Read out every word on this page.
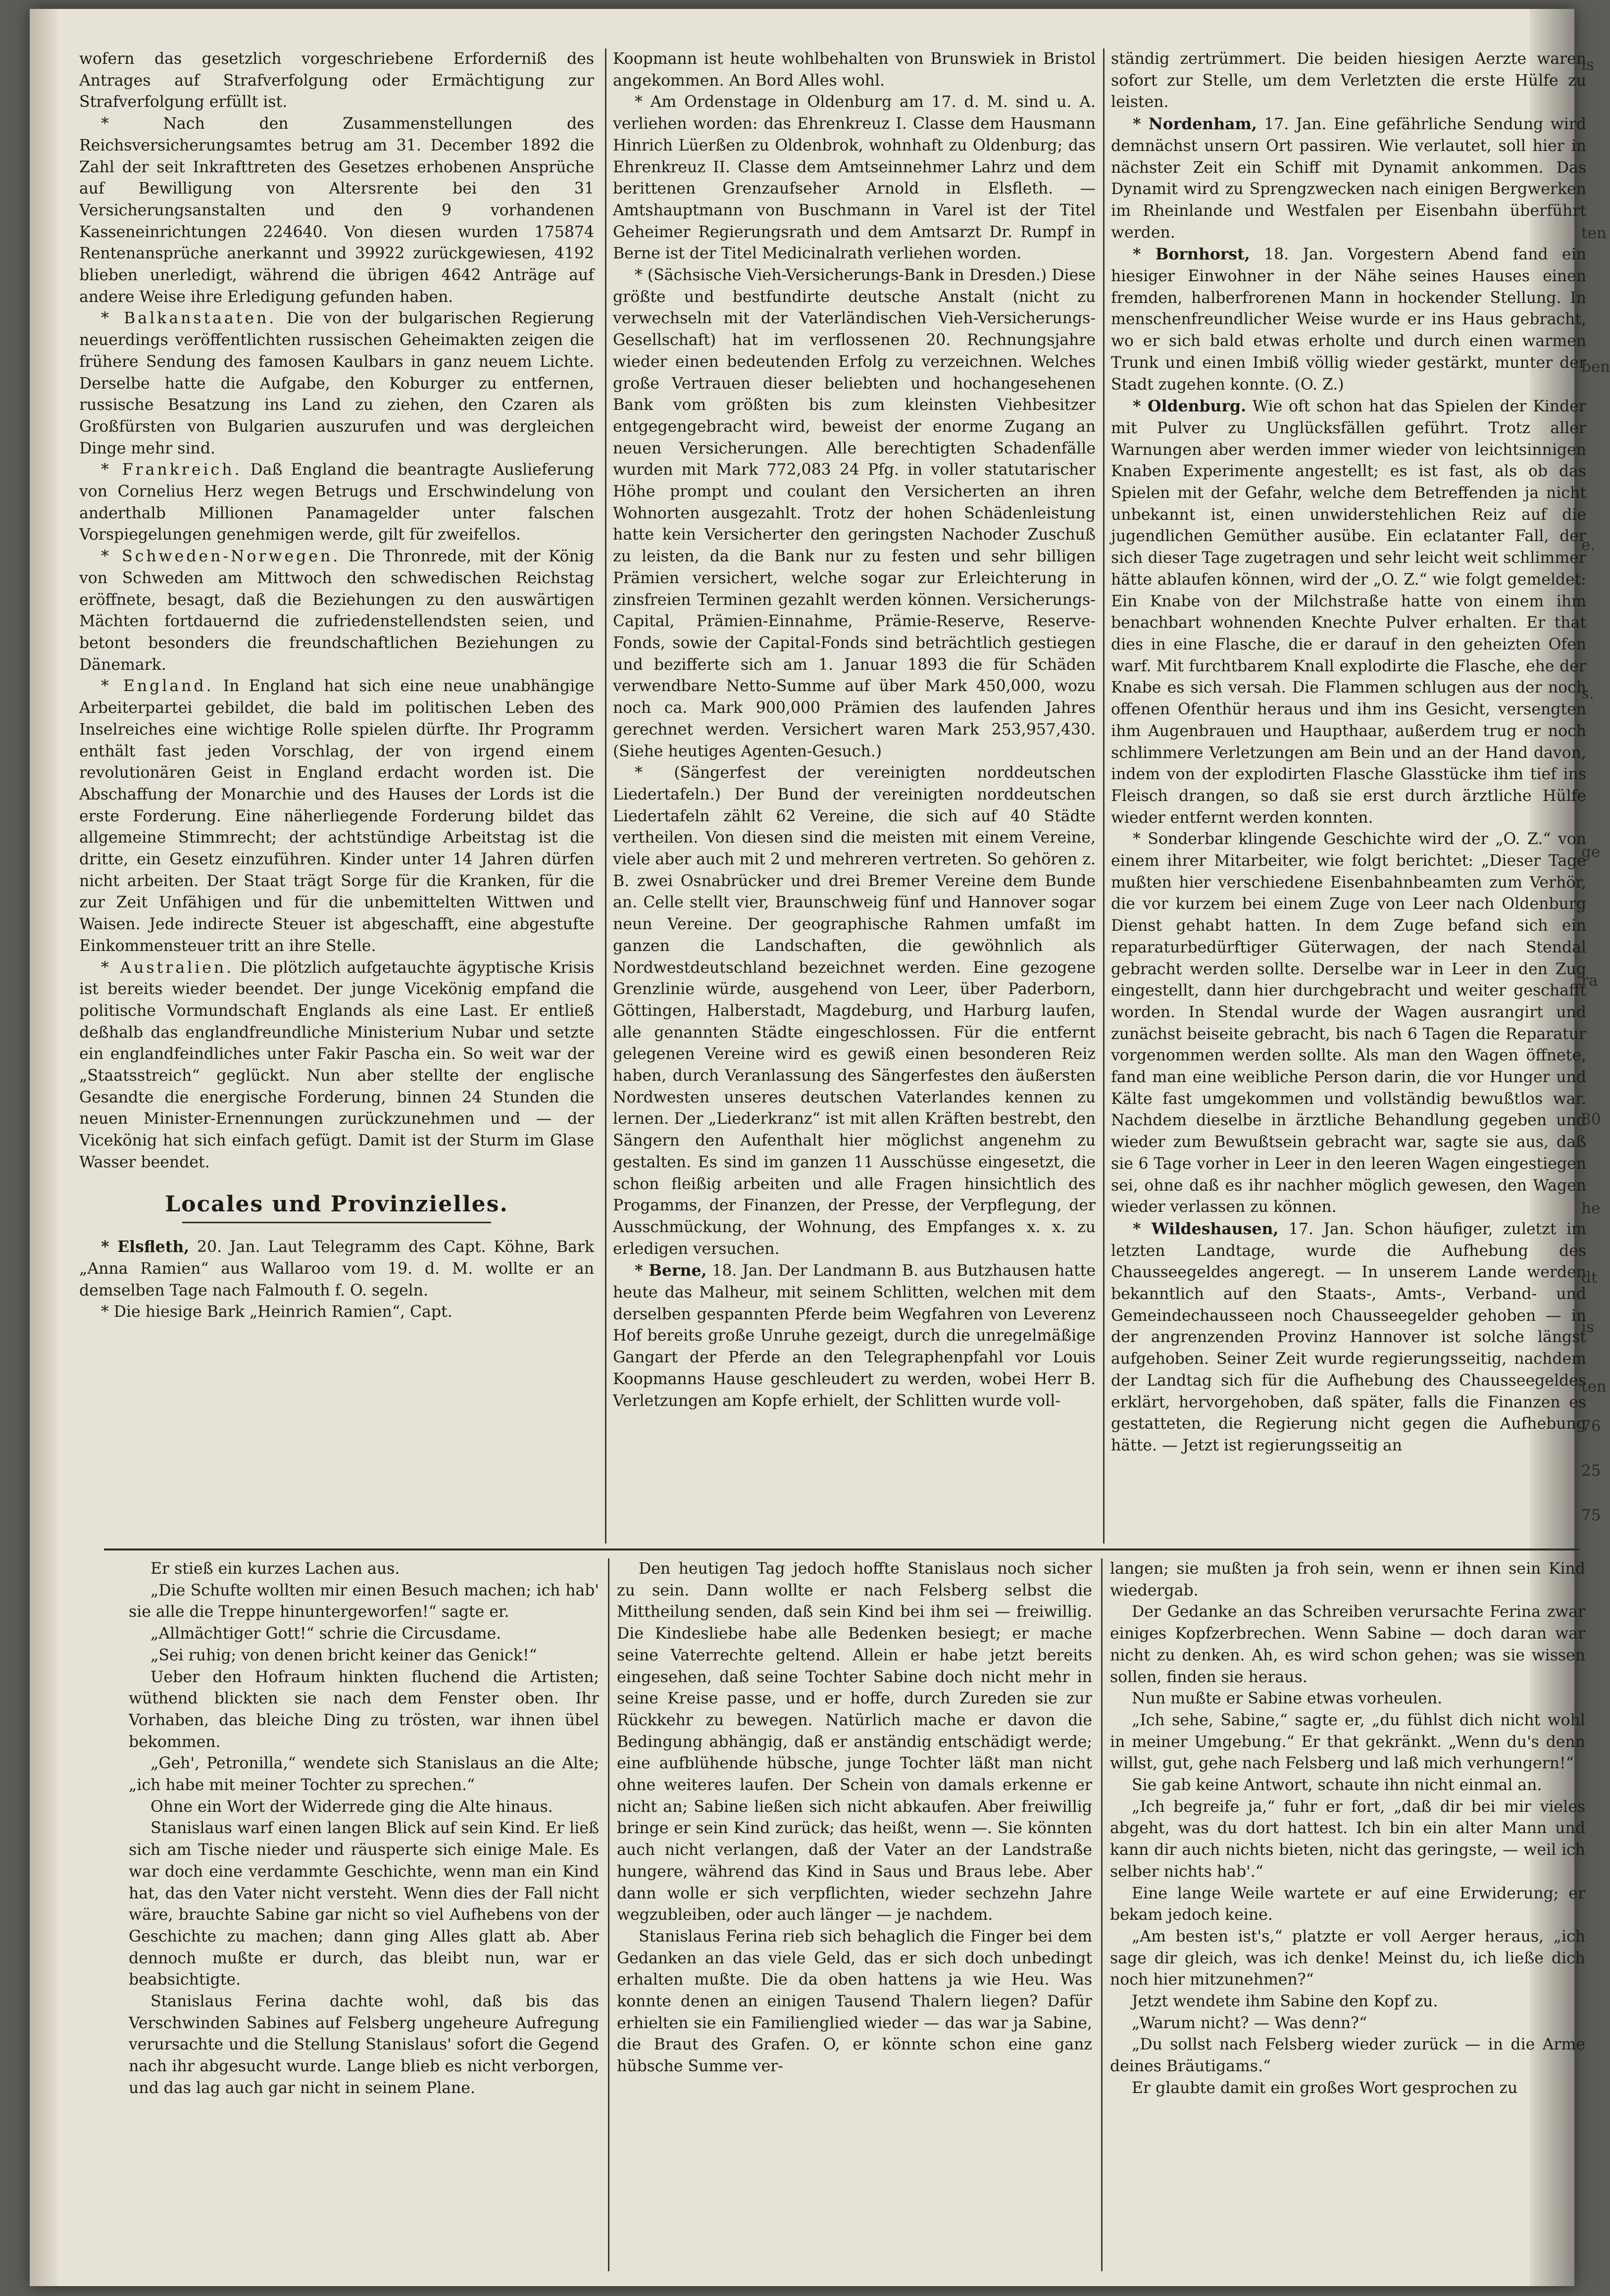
wofern das gesetzlich vorgeschriebene Erforderniß des Antrages auf Strafverfolgung oder Ermächtigung zur Strafverfolgung erfüllt ist.

* Nach den Zusammenstellungen des Reichsversicherungsamtes betrug am 31. December 1892 die Zahl der seit Inkrafttreten des Gesetzes erhobenen Ansprüche auf Bewilligung von Altersrente bei den 31 Versicherungsanstalten und den 9 vorhandenen Kasseneinrichtungen 224640. Von diesen wurden 175874 Rentenansprüche anerkannt und 39922 zurückgewiesen, 4192 blieben unerledigt, während die übrigen 4642 Anträge auf andere Weise ihre Erledigung gefunden haben.

* Balkanstaaten. Die von der bulgarischen Regierung neuerdings veröffentlichten russischen Geheimakten zeigen die frühere Sendung des famosen Kaulbars in ganz neuem Lichte. Derselbe hatte die Aufgabe, den Koburger zu entfernen, russische Besatzung ins Land zu ziehen, den Czaren als Großfürsten von Bulgarien auszurufen und was dergleichen Dinge mehr sind.

* Frankreich. Daß England die beantragte Auslieferung von Cornelius Herz wegen Betrugs und Erschwindelung von anderthalb Millionen Panamagelder unter falschen Vorspiegelungen genehmigen werde, gilt für zweifellos.

* Schweden-Norwegen. Die Thronrede, mit der König von Schweden am Mittwoch den schwedischen Reichstag eröffnete, besagt, daß die Beziehungen zu den auswärtigen Mächten fortdauernd die zufriedenstellendsten seien, und betont besonders die freundschaftlichen Beziehungen zu Dänemark.

* England. In England hat sich eine neue unabhängige Arbeiterpartei gebildet, die bald im politischen Leben des Inselreiches eine wichtige Rolle spielen dürfte. Ihr Programm enthält fast jeden Vorschlag, der von irgend einem revolutionären Geist in England erdacht worden ist. Die Abschaffung der Monarchie und des Hauses der Lords ist die erste Forderung. Eine näherliegende Forderung bildet das allgemeine Stimmrecht; der achtstündige Arbeitstag ist die dritte, ein Gesetz einzuführen. Kinder unter 14 Jahren dürfen nicht arbeiten. Der Staat trägt Sorge für die Kranken, für die zur Zeit Unfähigen und für die unbemittelten Wittwen und Waisen. Jede indirecte Steuer ist abgeschafft, eine abgestufte Einkommensteuer tritt an ihre Stelle.

* Australien. Die plötzlich aufgetauchte ägyptische Krisis ist bereits wieder beendet. Der junge Vicekönig empfand die politische Vormundschaft Englands als eine Last. Er entließ deßhalb das englandfreundliche Ministerium Nubar und setzte ein englandfeindliches unter Fakir Pascha ein. So weit war der „Staatsstreich“ geglückt. Nun aber stellte der englische Gesandte die energische Forderung, binnen 24 Stunden die neuen Minister-Ernennungen zurückzunehmen und — der Vicekönig hat sich einfach gefügt. Damit ist der Sturm im Glase Wasser beendet.

Locales und Provinzielles.

* Elsfleth, 20. Jan. Laut Telegramm des Capt. Köhne, Bark „Anna Ramien“ aus Wallaroo vom 19. d. M. wollte er an demselben Tage nach Falmouth f. O. segeln.

* Die hiesige Bark „Heinrich Ramien“, Capt.

Koopmann ist heute wohlbehalten von Brunswiek in Bristol angekommen. An Bord Alles wohl.

* Am Ordenstage in Oldenburg am 17. d. M. sind u. A. verliehen worden: das Ehrenkreuz I. Classe dem Hausmann Hinrich Lüerßen zu Oldenbrok, wohnhaft zu Oldenburg; das Ehrenkreuz II. Classe dem Amtseinnehmer Lahrz und dem berittenen Grenzaufseher Arnold in Elsfleth. — Amtshauptmann von Buschmann in Varel ist der Titel Geheimer Regierungsrath und dem Amtsarzt Dr. Rumpf in Berne ist der Titel Medicinalrath verliehen worden.

* (Sächsische Vieh-Versicherungs-Bank in Dresden.) Diese größte und bestfundirte deutsche Anstalt (nicht zu verwechseln mit der Vaterländischen Vieh-Versicherungs-Gesellschaft) hat im verflossenen 20. Rechnungsjahre wieder einen bedeutenden Erfolg zu verzeichnen. Welches große Vertrauen dieser beliebten und hochangesehenen Bank vom größten bis zum kleinsten Viehbesitzer entgegengebracht wird, beweist der enorme Zugang an neuen Versicherungen. Alle berechtigten Schadenfälle wurden mit Mark 772,083 24 Pfg. in voller statutarischer Höhe prompt und coulant den Versicherten an ihren Wohnorten ausgezahlt. Trotz der hohen Schädenleistung hatte kein Versicherter den geringsten Nachoder Zuschuß zu leisten, da die Bank nur zu festen und sehr billigen Prämien versichert, welche sogar zur Erleichterung in zinsfreien Terminen gezahlt werden können. Versicherungs-Capital, Prämien-Einnahme, Prämie-Reserve, Reserve-Fonds, sowie der Capital-Fonds sind beträchtlich gestiegen und bezifferte sich am 1. Januar 1893 die für Schäden verwendbare Netto-Summe auf über Mark 450,000, wozu noch ca. Mark 900,000 Prämien des laufenden Jahres gerechnet werden. Versichert waren Mark 253,957,430. (Siehe heutiges Agenten-Gesuch.)

* (Sängerfest der vereinigten norddeutschen Liedertafeln.) Der Bund der vereinigten norddeutschen Liedertafeln zählt 62 Vereine, die sich auf 40 Städte vertheilen. Von diesen sind die meisten mit einem Vereine, viele aber auch mit 2 und mehreren vertreten. So gehören z. B. zwei Osnabrücker und drei Bremer Vereine dem Bunde an. Celle stellt vier, Braunschweig fünf und Hannover sogar neun Vereine. Der geographische Rahmen umfaßt im ganzen die Landschaften, die gewöhnlich als Nordwestdeutschland bezeichnet werden. Eine gezogene Grenzlinie würde, ausgehend von Leer, über Paderborn, Göttingen, Halberstadt, Magdeburg, und Harburg laufen, alle genannten Städte eingeschlossen. Für die entfernt gelegenen Vereine wird es gewiß einen besonderen Reiz haben, durch Veranlassung des Sängerfestes den äußersten Nordwesten unseres deutschen Vaterlandes kennen zu lernen. Der „Liederkranz“ ist mit allen Kräften bestrebt, den Sängern den Aufenthalt hier möglichst angenehm zu gestalten. Es sind im ganzen 11 Ausschüsse eingesetzt, die schon fleißig arbeiten und alle Fragen hinsichtlich des Progamms, der Finanzen, der Presse, der Verpflegung, der Ausschmückung, der Wohnung, des Empfanges x. x. zu erledigen versuchen.

* Berne, 18. Jan. Der Landmann B. aus Butzhausen hatte heute das Malheur, mit seinem Schlitten, welchen mit dem derselben gespannten Pferde beim Wegfahren von Leverenz Hof bereits große Unruhe gezeigt, durch die unregelmäßige Gangart der Pferde an den Telegraphenpfahl vor Louis Koopmanns Hause geschleudert zu werden, wobei Herr B. Verletzungen am Kopfe erhielt, der Schlitten wurde voll-

ständig zertrümmert. Die beiden hiesigen Aerzte waren sofort zur Stelle, um dem Verletzten die erste Hülfe zu leisten.

* Nordenham, 17. Jan. Eine gefährliche Sendung wird demnächst unsern Ort passiren. Wie verlautet, soll hier in nächster Zeit ein Schiff mit Dynamit ankommen. Das Dynamit wird zu Sprengzwecken nach einigen Bergwerken im Rheinlande und Westfalen per Eisenbahn überführt werden.

* Bornhorst, 18. Jan. Vorgestern Abend fand ein hiesiger Einwohner in der Nähe seines Hauses einen fremden, halberfrorenen Mann in hockender Stellung. In menschenfreundlicher Weise wurde er ins Haus gebracht, wo er sich bald etwas erholte und durch einen warmen Trunk und einen Imbiß völlig wieder gestärkt, munter der Stadt zugehen konnte. (O. Z.)

* Oldenburg. Wie oft schon hat das Spielen der Kinder mit Pulver zu Unglücksfällen geführt. Trotz aller Warnungen aber werden immer wieder von leichtsinnigen Knaben Experimente angestellt; es ist fast, als ob das Spielen mit der Gefahr, welche dem Betreffenden ja nicht unbekannt ist, einen unwiderstehlichen Reiz auf die jugendlichen Gemüther ausübe. Ein eclatanter Fall, der sich dieser Tage zugetragen und sehr leicht weit schlimmer hätte ablaufen können, wird der „O. Z.“ wie folgt gemeldet: Ein Knabe von der Milchstraße hatte von einem ihm benachbart wohnenden Knechte Pulver erhalten. Er that dies in eine Flasche, die er darauf in den geheizten Ofen warf. Mit furchtbarem Knall explodirte die Flasche, ehe der Knabe es sich versah. Die Flammen schlugen aus der noch offenen Ofenthür heraus und ihm ins Gesicht, versengten ihm Augenbrauen und Haupthaar, außerdem trug er noch schlimmere Verletzungen am Bein und an der Hand davon, indem von der explodirten Flasche Glasstücke ihm tief ins Fleisch drangen, so daß sie erst durch ärztliche Hülfe wieder entfernt werden konnten.

* Sonderbar klingende Geschichte wird der „O. Z.“ von einem ihrer Mitarbeiter, wie folgt berichtet: „Dieser Tage mußten hier verschiedene Eisenbahnbeamten zum Verhör, die vor kurzem bei einem Zuge von Leer nach Oldenburg Dienst gehabt hatten. In dem Zuge befand sich ein reparaturbedürftiger Güterwagen, der nach Stendal gebracht werden sollte. Derselbe war in Leer in den Zug eingestellt, dann hier durchgebracht und weiter geschafft worden. In Stendal wurde der Wagen ausrangirt und zunächst beiseite gebracht, bis nach 6 Tagen die Reparatur vorgenommen werden sollte. Als man den Wagen öffnete, fand man eine weibliche Person darin, die vor Hunger und Kälte fast umgekommen und vollständig bewußtlos war. Nachdem dieselbe in ärztliche Behandlung gegeben und wieder zum Bewußtsein gebracht war, sagte sie aus, daß sie 6 Tage vorher in Leer in den leeren Wagen eingestiegen sei, ohne daß es ihr nachher möglich gewesen, den Wagen wieder verlassen zu können.

* Wildeshausen, 17. Jan. Schon häufiger, zuletzt im letzten Landtage, wurde die Aufhebung des Chausseegeldes angeregt. — In unserem Lande werden bekanntlich auf den Staats-, Amts-, Verband- und Gemeindechausseen noch Chausseegelder gehoben — in der angrenzenden Provinz Hannover ist solche längst aufgehoben. Seiner Zeit wurde regierungsseitig, nachdem der Landtag sich für die Aufhebung des Chausseegeldes erklärt, hervorgehoben, daß später, falls die Finanzen es gestatteten, die Regierung nicht gegen die Aufhebung hätte. — Jetzt ist regierungsseitig an

Er stieß ein kurzes Lachen aus.

„Die Schufte wollten mir einen Besuch machen; ich hab' sie alle die Treppe hinuntergeworfen!“ sagte er.

„Allmächtiger Gott!“ schrie die Circusdame.

„Sei ruhig; von denen bricht keiner das Genick!“

Ueber den Hofraum hinkten fluchend die Artisten; wüthend blickten sie nach dem Fenster oben. Ihr Vorhaben, das bleiche Ding zu trösten, war ihnen übel bekommen.

„Geh', Petronilla,“ wendete sich Stanislaus an die Alte; „ich habe mit meiner Tochter zu sprechen.“

Ohne ein Wort der Widerrede ging die Alte hinaus.

Stanislaus warf einen langen Blick auf sein Kind. Er ließ sich am Tische nieder und räusperte sich einige Male. Es war doch eine verdammte Geschichte, wenn man ein Kind hat, das den Vater nicht versteht. Wenn dies der Fall nicht wäre, brauchte Sabine gar nicht so viel Aufhebens von der Geschichte zu machen; dann ging Alles glatt ab. Aber dennoch mußte er durch, das bleibt nun, war er beabsichtigte.

Stanislaus Ferina dachte wohl, daß bis das Verschwinden Sabines auf Felsberg ungeheure Aufregung verursachte und die Stellung Stanislaus' sofort die Gegend nach ihr abgesucht wurde. Lange blieb es nicht verborgen, und das lag auch gar nicht in seinem Plane.

Den heutigen Tag jedoch hoffte Stanislaus noch sicher zu sein. Dann wollte er nach Felsberg selbst die Mittheilung senden, daß sein Kind bei ihm sei — freiwillig. Die Kindesliebe habe alle Bedenken besiegt; er mache seine Vaterrechte geltend. Allein er habe jetzt bereits eingesehen, daß seine Tochter Sabine doch nicht mehr in seine Kreise passe, und er hoffe, durch Zureden sie zur Rückkehr zu bewegen. Natürlich mache er davon die Bedingung abhängig, daß er anständig entschädigt werde; eine aufblühende hübsche, junge Tochter läßt man nicht ohne weiteres laufen. Der Schein von damals erkenne er nicht an; Sabine ließen sich nicht abkaufen. Aber freiwillig bringe er sein Kind zurück; das heißt, wenn —. Sie könnten auch nicht verlangen, daß der Vater an der Landstraße hungere, während das Kind in Saus und Braus lebe. Aber dann wolle er sich verpflichten, wieder sechzehn Jahre wegzubleiben, oder auch länger — je nachdem.

Stanislaus Ferina rieb sich behaglich die Finger bei dem Gedanken an das viele Geld, das er sich doch unbedingt erhalten mußte. Die da oben hattens ja wie Heu. Was konnte denen an einigen Tausend Thalern liegen? Dafür erhielten sie ein Familienglied wieder — das war ja Sabine, die Braut des Grafen. O, er könnte schon eine ganz hübsche Summe ver-

langen; sie mußten ja froh sein, wenn er ihnen sein Kind wiedergab.

Der Gedanke an das Schreiben verursachte Ferina zwar einiges Kopfzerbrechen. Wenn Sabine — doch daran war nicht zu denken. Ah, es wird schon gehen; was sie wissen sollen, finden sie heraus.

Nun mußte er Sabine etwas vorheulen.

„Ich sehe, Sabine,“ sagte er, „du fühlst dich nicht wohl in meiner Umgebung.“ Er that gekränkt. „Wenn du's denn willst, gut, gehe nach Felsberg und laß mich verhungern!“

Sie gab keine Antwort, schaute ihn nicht einmal an.

„Ich begreife ja,“ fuhr er fort, „daß dir bei mir vieles abgeht, was du dort hattest. Ich bin ein alter Mann und kann dir auch nichts bieten, nicht das geringste, — weil ich selber nichts hab'.“

Eine lange Weile wartete er auf eine Erwiderung; er bekam jedoch keine.

„Am besten ist's,“ platzte er voll Aerger heraus, „ich sage dir gleich, was ich denke! Meinst du, ich ließe dich noch hier mitzunehmen?“

Jetzt wendete ihm Sabine den Kopf zu.

„Warum nicht? — Was denn?“

„Du sollst nach Felsberg wieder zurück — in die Arme deines Bräutigams.“

Er glaubte damit ein großes Wort gesprochen zu

is
ten
ben
e.
s.
ge
ra
80
he
dt
is
ten
76
25
75
